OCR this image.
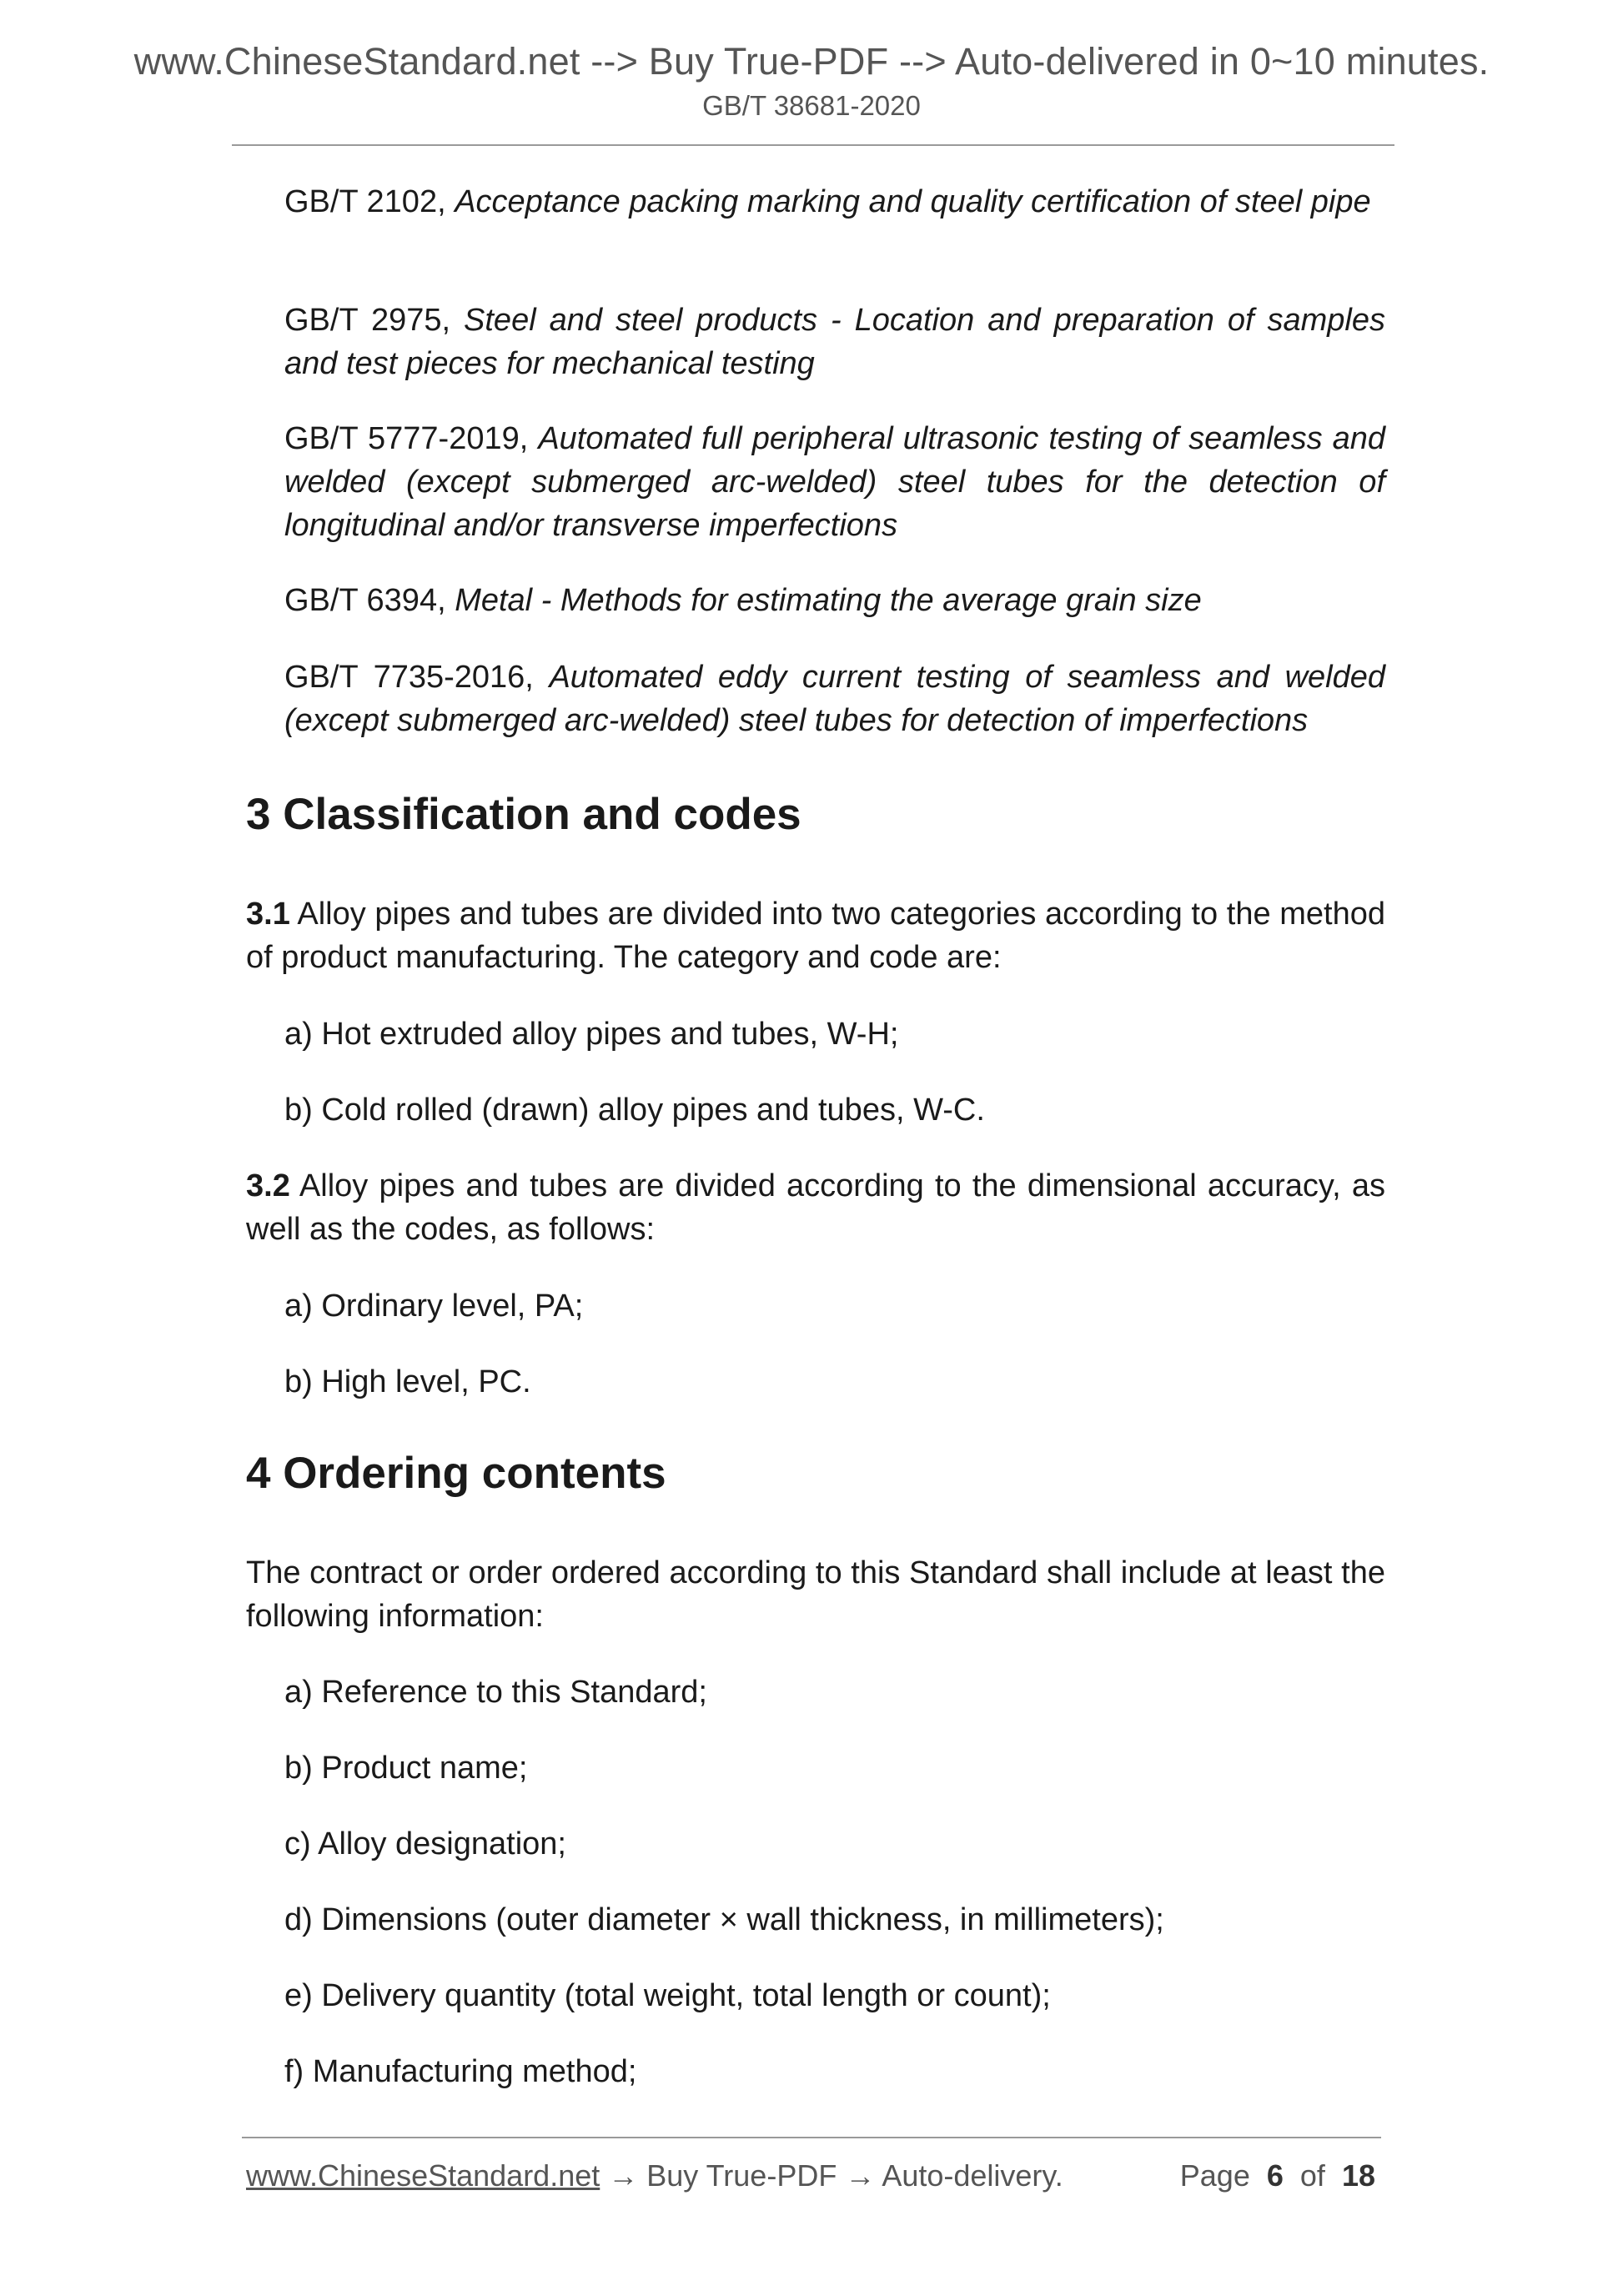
www.ChineseStandard.net --> Buy True-PDF --> Auto-delivered in 0~10 minutes.
GB/T 38681-2020
GB/T 2102, Acceptance packing marking and quality certification of steel pipe
GB/T 2975, Steel and steel products - Location and preparation of samples and test pieces for mechanical testing
GB/T 5777-2019, Automated full peripheral ultrasonic testing of seamless and welded (except submerged arc-welded) steel tubes for the detection of longitudinal and/or transverse imperfections
GB/T 6394, Metal - Methods for estimating the average grain size
GB/T 7735-2016, Automated eddy current testing of seamless and welded (except submerged arc-welded) steel tubes for detection of imperfections
3 Classification and codes
3.1 Alloy pipes and tubes are divided into two categories according to the method of product manufacturing. The category and code are:
a) Hot extruded alloy pipes and tubes, W-H;
b) Cold rolled (drawn) alloy pipes and tubes, W-C.
3.2 Alloy pipes and tubes are divided according to the dimensional accuracy, as well as the codes, as follows:
a) Ordinary level, PA;
b) High level, PC.
4 Ordering contents
The contract or order ordered according to this Standard shall include at least the following information:
a) Reference to this Standard;
b) Product name;
c) Alloy designation;
d) Dimensions (outer diameter × wall thickness, in millimeters);
e) Delivery quantity (total weight, total length or count);
f) Manufacturing method;
www.ChineseStandard.net → Buy True-PDF → Auto-delivery.	Page 6 of 18
